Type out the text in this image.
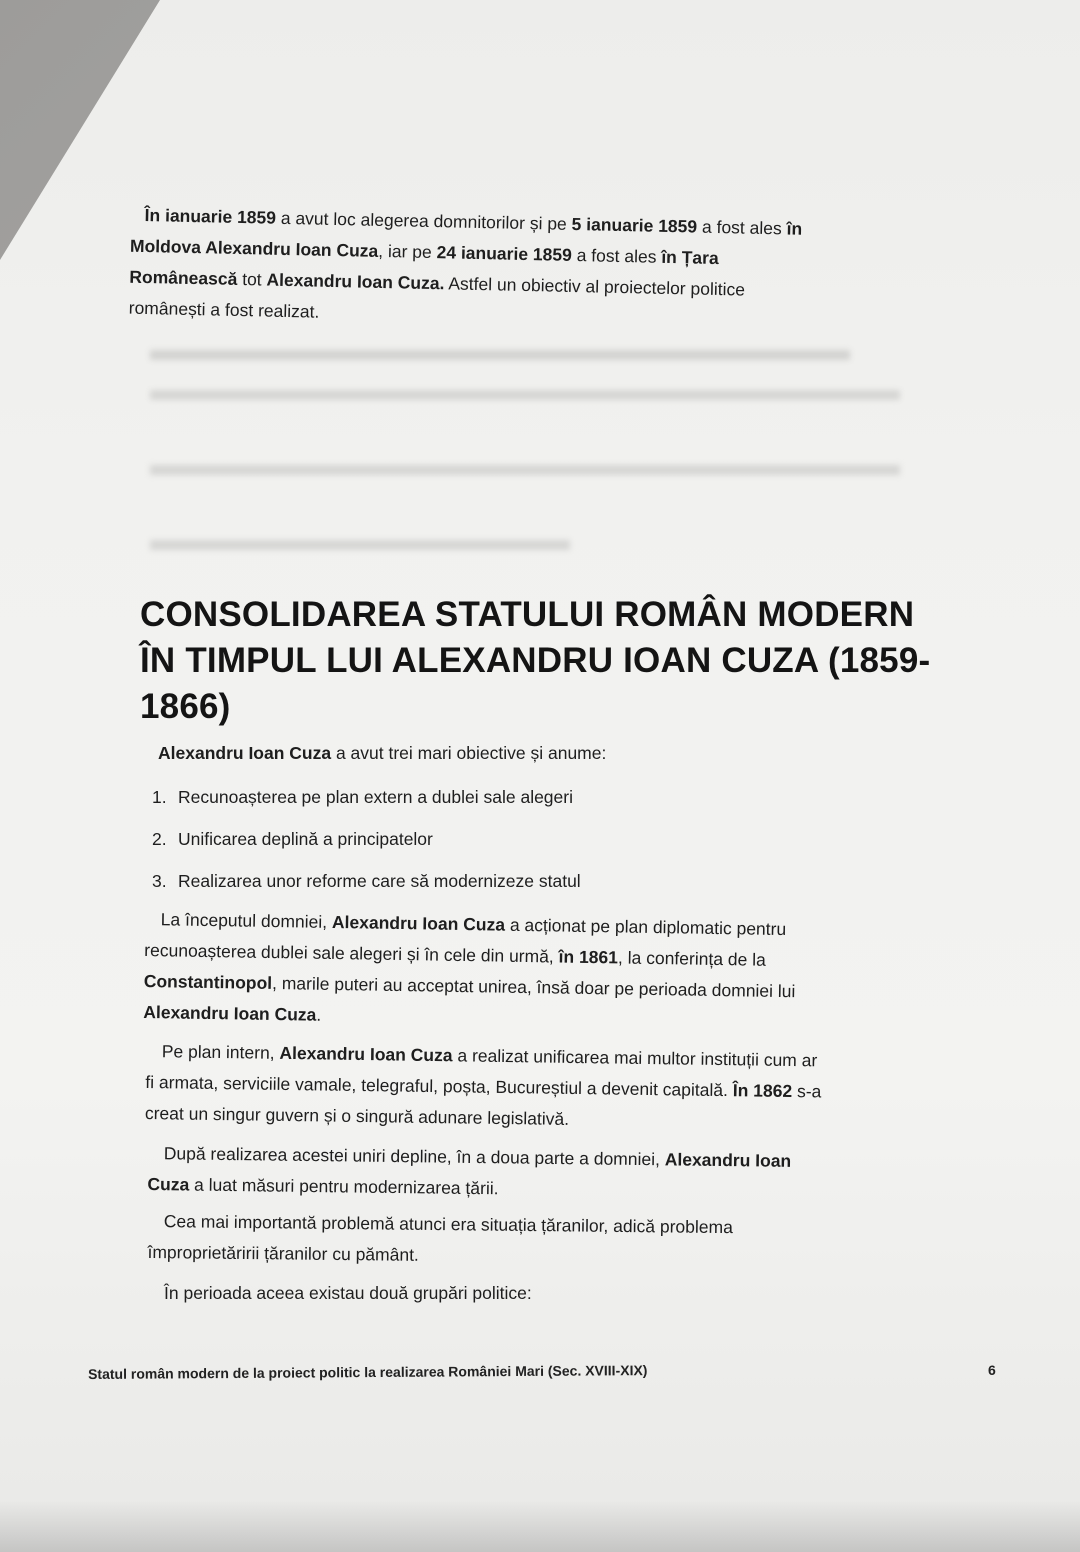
În ianuarie 1859 a avut loc alegerea domnitorilor și pe 5 ianuarie 1859 a fost ales în
Moldova Alexandru Ioan Cuza, iar pe 24 ianuarie 1859 a fost ales în Țara
Românească tot Alexandru Ioan Cuza. Astfel un obiectiv al proiectelor politice
românești a fost realizat.
CONSOLIDAREA STATULUI ROMÂN MODERN ÎN TIMPUL LUI ALEXANDRU IOAN CUZA (1859-1866)
Alexandru Ioan Cuza a avut trei mari obiective și anume:
1. Recunoașterea pe plan extern a dublei sale alegeri
2. Unificarea deplină a principatelor
3. Realizarea unor reforme care să modernizeze statul
La începutul domniei, Alexandru Ioan Cuza a acționat pe plan diplomatic pentru
recunoașterea dublei sale alegeri și în cele din urmă, în 1861, la conferința de la
Constantinopol, marile puteri au acceptat unirea, însă doar pe perioada domniei lui
Alexandru Ioan Cuza.
Pe plan intern, Alexandru Ioan Cuza a realizat unificarea mai multor instituții cum ar
fi armata, serviciile vamale, telegraful, poșta, Bucureștiul a devenit capitală. În 1862 s-a
creat un singur guvern și o singură adunare legislativă.
După realizarea acestei uniri depline, în a doua parte a domniei, Alexandru Ioan
Cuza a luat măsuri pentru modernizarea țării.
Cea mai importantă problemă atunci era situația țăranilor, adică problema
împroprietăririi țăranilor cu pământ.
În perioada aceea existau două grupări politice:
Statul român modern de la proiect politic la realizarea României Mari (Sec. XVIII-XIX)	6
